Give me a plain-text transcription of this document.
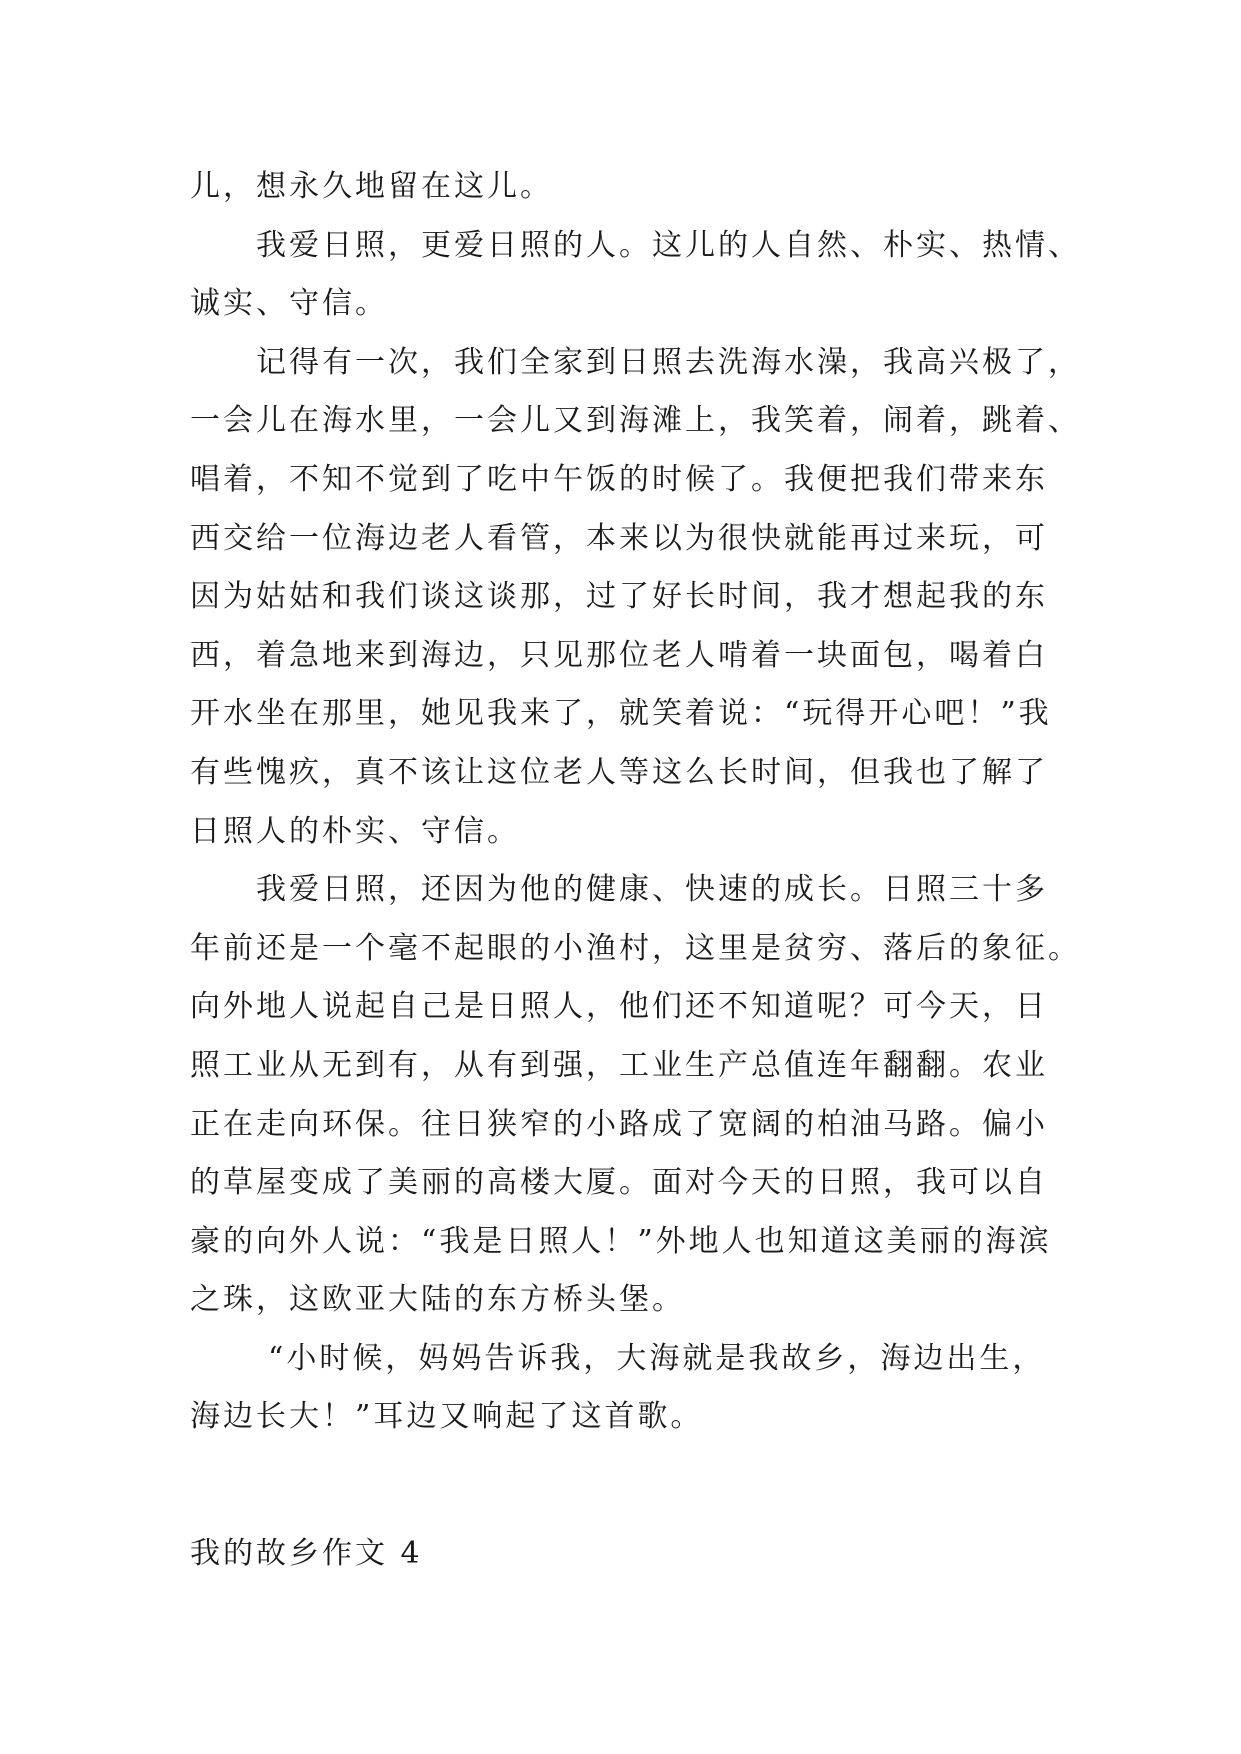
儿，想永久地留在这儿。
我爱日照，更爱日照的人。这儿的人自然、朴实、热情、
诚实、守信。
记得有一次，我们全家到日照去洗海水澡，我高兴极了，
一会儿在海水里，一会儿又到海滩上，我笑着，闹着，跳着、
唱着，不知不觉到了吃中午饭的时候了。我便把我们带来东
西交给一位海边老人看管，本来以为很快就能再过来玩，可
因为姑姑和我们谈这谈那，过了好长时间，我才想起我的东
西，着急地来到海边，只见那位老人啃着一块面包，喝着白
开水坐在那里，她见我来了，就笑着说：“玩得开心吧！”我
有些愧疚，真不该让这位老人等这么长时间，但我也了解了
日照人的朴实、守信。
我爱日照，还因为他的健康、快速的成长。日照三十多
年前还是一个毫不起眼的小渔村，这里是贫穷、落后的象征。
向外地人说起自己是日照人，他们还不知道呢？可今天，日
照工业从无到有，从有到强，工业生产总值连年翻翻。农业
正在走向环保。往日狭窄的小路成了宽阔的柏油马路。偏小
的草屋变成了美丽的高楼大厦。面对今天的日照，我可以自
豪的向外人说：“我是日照人！”外地人也知道这美丽的海滨
之珠，这欧亚大陆的东方桥头堡。
“小时候，妈妈告诉我，大海就是我故乡，海边出生，
海边长大！”耳边又响起了这首歌。
我的故乡作文 4
